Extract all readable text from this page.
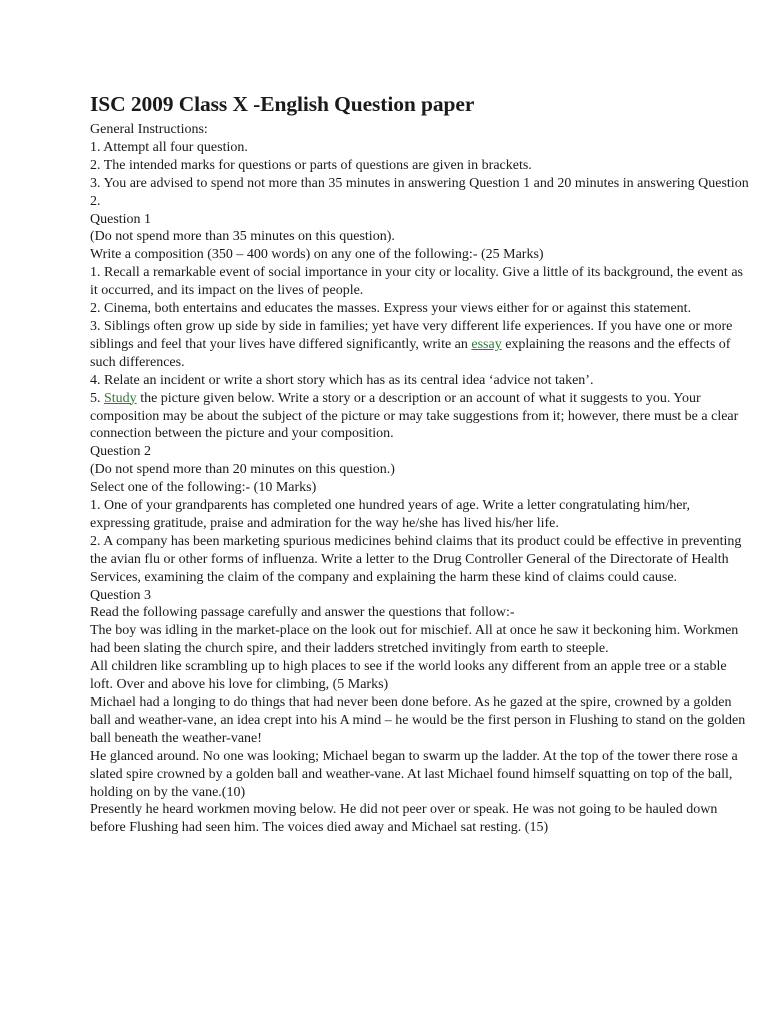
ISC 2009 Class X -English Question paper

General Instructions:

1. Attempt all four question.

2. The intended marks for questions or parts of questions are given in brackets.

3. You are advised to spend not more than 35 minutes in answering Question 1 and 20 minutes in answering Question 2.

Question 1

(Do not spend more than 35 minutes on this question).

Write a composition (350 – 400 words) on any one of the following:- (25 Marks)

1. Recall a remarkable event of social importance in your city or locality. Give a little of its background, the event as it occurred, and its impact on the lives of people.

2. Cinema, both entertains and educates the masses. Express your views either for or against this statement.

3. Siblings often grow up side by side in families; yet have very different life experiences. If you have one or more siblings and feel that your lives have differed significantly, write an essay explaining the reasons and the effects of such differences.

4. Relate an incident or write a short story which has as its central idea ‘advice not taken’.

5. Study the picture given below. Write a story or a description or an account of what it suggests to you. Your composition may be about the subject of the picture or may take suggestions from it; however, there must be a clear connection between the picture and your composition.

Question 2

(Do not spend more than 20 minutes on this question.)

Select one of the following:- (10 Marks)

1. One of your grandparents has completed one hundred years of age. Write a letter congratulating him/her, expressing gratitude, praise and admiration for the way he/she has lived his/her life.

2. A company has been marketing spurious medicines behind claims that its product could be effective in preventing the avian flu or other forms of influenza. Write a letter to the Drug Controller General of the Directorate of Health Services, examining the claim of the company and explaining the harm these kind of claims could cause.

Question 3

Read the following passage carefully and answer the questions that follow:-

The boy was idling in the market-place on the look out for mischief. All at once he saw it beckoning him. Workmen had been slating the church spire, and their ladders stretched invitingly from earth to steeple.

All children like scrambling up to high places to see if the world looks any different from an apple tree or a stable loft. Over and above his love for climbing, (5 Marks)

Michael had a longing to do things that had never been done before. As he gazed at the spire, crowned by a golden ball and weather-vane, an idea crept into his A mind – he would be the first person in Flushing to stand on the golden ball beneath the weather-vane!

He glanced around. No one was looking; Michael began to swarm up the ladder. At the top of the tower there rose a slated spire crowned by a golden ball and weather-vane. At last Michael found himself squatting on top of the ball, holding on by the vane.(10)

Presently he heard workmen moving below. He did not peer over or speak. He was not going to be hauled down before Flushing had seen him. The voices died away and Michael sat resting. (15)
